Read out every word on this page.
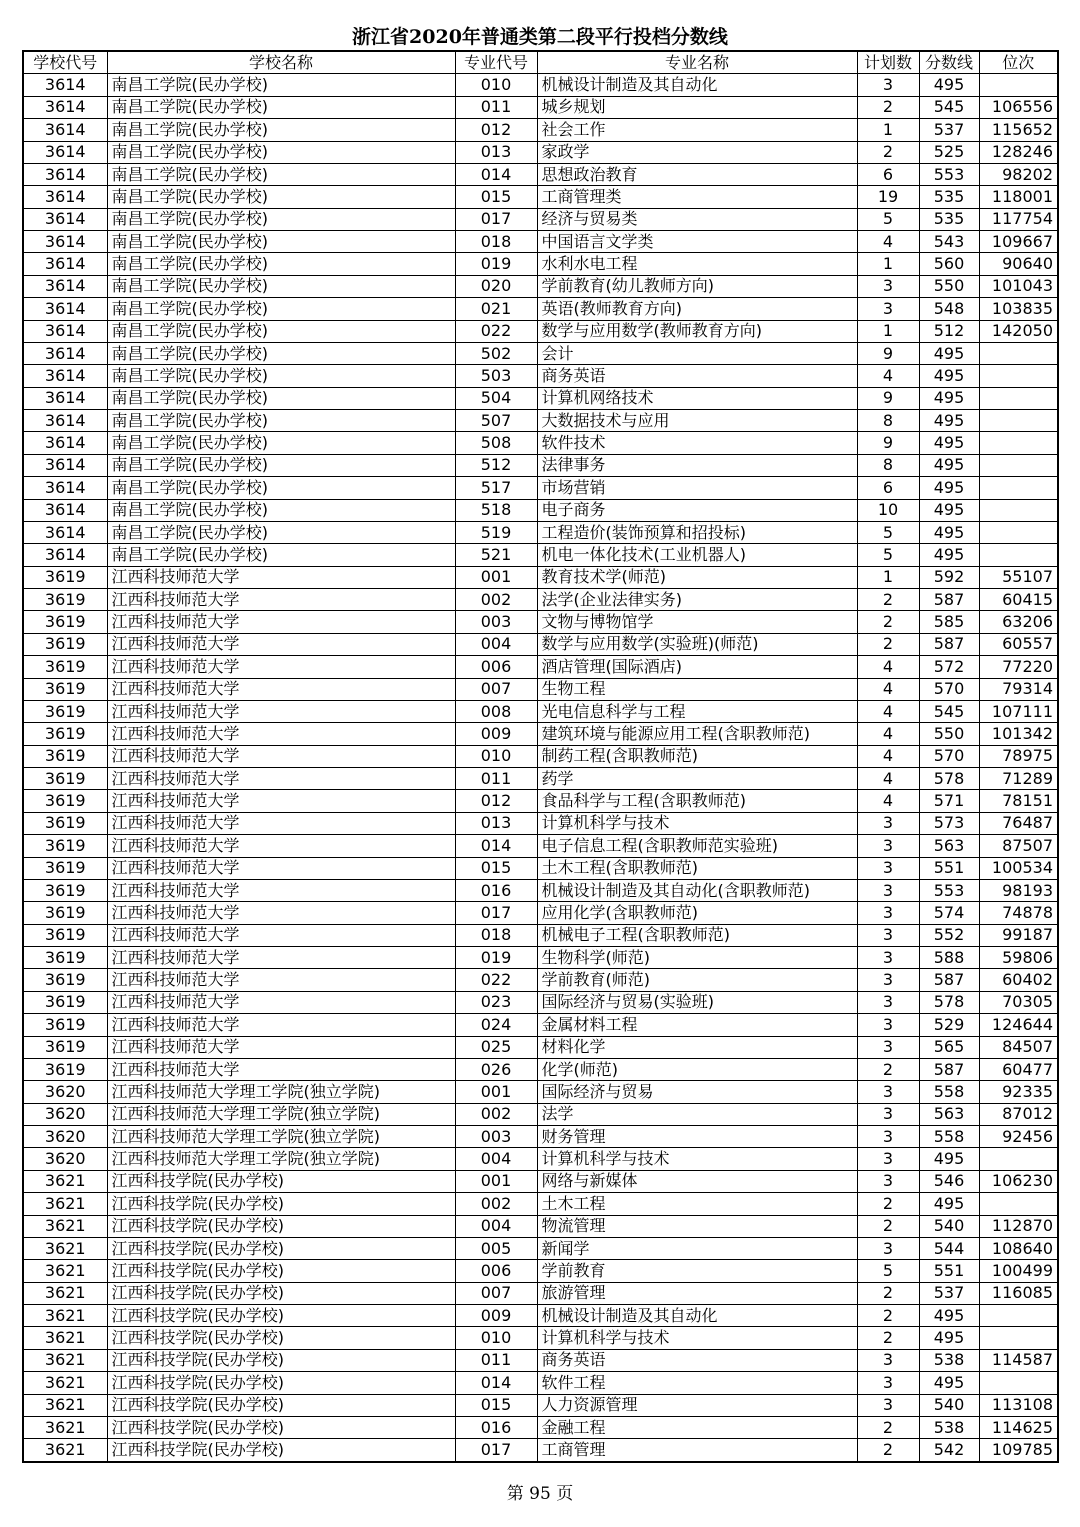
浙江省2020年普通类第二段平行投档分数线
学校代号	学校名称	专业代号	专业名称	计划数	分数线	位次
3614	南昌工学院(民办学校)	010	机械设计制造及其自动化	3	495	
3614	南昌工学院(民办学校)	011	城乡规划	2	545	106556
3614	南昌工学院(民办学校)	012	社会工作	1	537	115652
3614	南昌工学院(民办学校)	013	家政学	2	525	128246
3614	南昌工学院(民办学校)	014	思想政治教育	6	553	98202
3614	南昌工学院(民办学校)	015	工商管理类	19	535	118001
3614	南昌工学院(民办学校)	017	经济与贸易类	5	535	117754
3614	南昌工学院(民办学校)	018	中国语言文学类	4	543	109667
3614	南昌工学院(民办学校)	019	水利水电工程	1	560	90640
3614	南昌工学院(民办学校)	020	学前教育(幼儿教师方向)	3	550	101043
3614	南昌工学院(民办学校)	021	英语(教师教育方向)	3	548	103835
3614	南昌工学院(民办学校)	022	数学与应用数学(教师教育方向)	1	512	142050
3614	南昌工学院(民办学校)	502	会计	9	495	
3614	南昌工学院(民办学校)	503	商务英语	4	495	
3614	南昌工学院(民办学校)	504	计算机网络技术	9	495	
3614	南昌工学院(民办学校)	507	大数据技术与应用	8	495	
3614	南昌工学院(民办学校)	508	软件技术	9	495	
3614	南昌工学院(民办学校)	512	法律事务	8	495	
3614	南昌工学院(民办学校)	517	市场营销	6	495	
3614	南昌工学院(民办学校)	518	电子商务	10	495	
3614	南昌工学院(民办学校)	519	工程造价(装饰预算和招投标)	5	495	
3614	南昌工学院(民办学校)	521	机电一体化技术(工业机器人)	5	495	
3619	江西科技师范大学	001	教育技术学(师范)	1	592	55107
3619	江西科技师范大学	002	法学(企业法律实务)	2	587	60415
3619	江西科技师范大学	003	文物与博物馆学	2	585	63206
3619	江西科技师范大学	004	数学与应用数学(实验班)(师范)	2	587	60557
3619	江西科技师范大学	006	酒店管理(国际酒店)	4	572	77220
3619	江西科技师范大学	007	生物工程	4	570	79314
3619	江西科技师范大学	008	光电信息科学与工程	4	545	107111
3619	江西科技师范大学	009	建筑环境与能源应用工程(含职教师范)	4	550	101342
3619	江西科技师范大学	010	制药工程(含职教师范)	4	570	78975
3619	江西科技师范大学	011	药学	4	578	71289
3619	江西科技师范大学	012	食品科学与工程(含职教师范)	4	571	78151
3619	江西科技师范大学	013	计算机科学与技术	3	573	76487
3619	江西科技师范大学	014	电子信息工程(含职教师范实验班)	3	563	87507
3619	江西科技师范大学	015	土木工程(含职教师范)	3	551	100534
3619	江西科技师范大学	016	机械设计制造及其自动化(含职教师范)	3	553	98193
3619	江西科技师范大学	017	应用化学(含职教师范)	3	574	74878
3619	江西科技师范大学	018	机械电子工程(含职教师范)	3	552	99187
3619	江西科技师范大学	019	生物科学(师范)	3	588	59806
3619	江西科技师范大学	022	学前教育(师范)	3	587	60402
3619	江西科技师范大学	023	国际经济与贸易(实验班)	3	578	70305
3619	江西科技师范大学	024	金属材料工程	3	529	124644
3619	江西科技师范大学	025	材料化学	3	565	84507
3619	江西科技师范大学	026	化学(师范)	2	587	60477
3620	江西科技师范大学理工学院(独立学院)	001	国际经济与贸易	3	558	92335
3620	江西科技师范大学理工学院(独立学院)	002	法学	3	563	87012
3620	江西科技师范大学理工学院(独立学院)	003	财务管理	3	558	92456
3620	江西科技师范大学理工学院(独立学院)	004	计算机科学与技术	3	495	
3621	江西科技学院(民办学校)	001	网络与新媒体	3	546	106230
3621	江西科技学院(民办学校)	002	土木工程	2	495	
3621	江西科技学院(民办学校)	004	物流管理	2	540	112870
3621	江西科技学院(民办学校)	005	新闻学	3	544	108640
3621	江西科技学院(民办学校)	006	学前教育	5	551	100499
3621	江西科技学院(民办学校)	007	旅游管理	2	537	116085
3621	江西科技学院(民办学校)	009	机械设计制造及其自动化	2	495	
3621	江西科技学院(民办学校)	010	计算机科学与技术	2	495	
3621	江西科技学院(民办学校)	011	商务英语	3	538	114587
3621	江西科技学院(民办学校)	014	软件工程	3	495	
3621	江西科技学院(民办学校)	015	人力资源管理	3	540	113108
3621	江西科技学院(民办学校)	016	金融工程	2	538	114625
3621	江西科技学院(民办学校)	017	工商管理	2	542	109785
第 95 页
